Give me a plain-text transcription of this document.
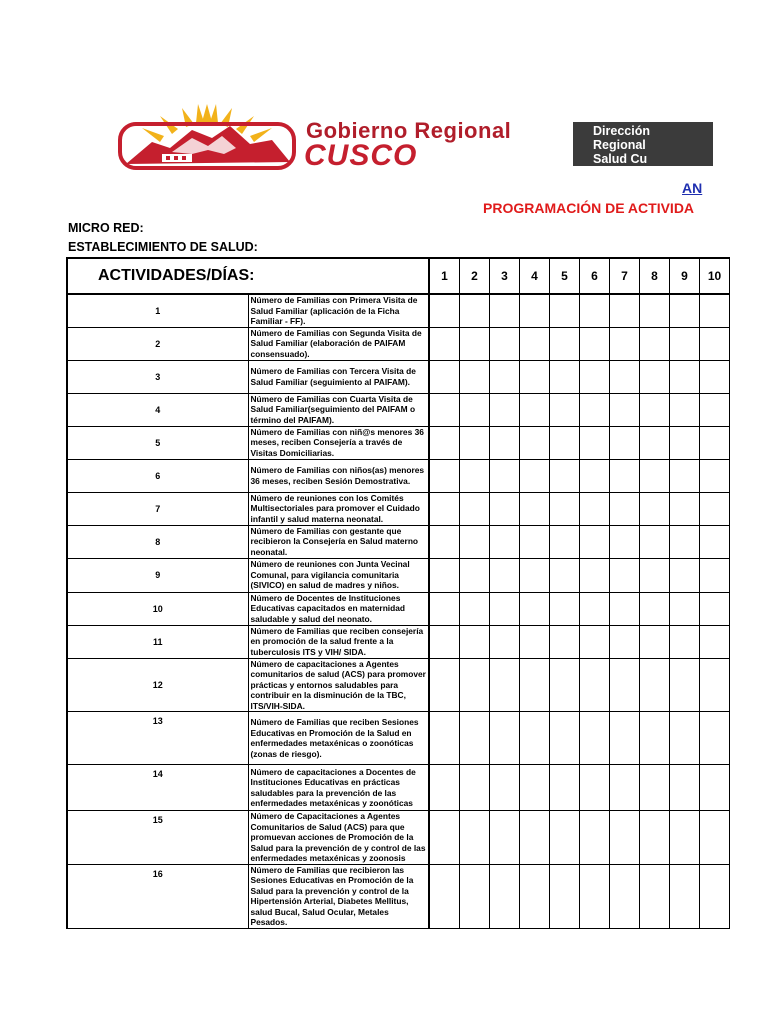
Gobierno Regional
CUSCO
Dirección
Regional
Salud Cu
AN
PROGRAMACIÓN DE ACTIVIDA
MICRO RED:
ESTABLECIMIENTO DE SALUD:
ACTIVIDADES/DÍAS:		1	2	3	4	5	6	7	8	9	10
1	Número de Familias con Primera Visita de Salud Familiar (aplicación de la Ficha Familiar - FF).										
2	Número de Familias con Segunda Visita de Salud Familiar (elaboración de PAIFAM consensuado).										
3	Número de Familias con Tercera Visita de Salud Familiar (seguimiento al PAIFAM).										
4	Número de Familias con Cuarta Visita de Salud Familiar(seguimiento del PAIFAM o término del PAIFAM).										
5	Número de Familias con niñ@s menores 36 meses, reciben Consejería a través de Visitas Domiciliarias.										
6	Número de Familias con niños(as) menores 36 meses, reciben Sesión Demostrativa.										
7	Número de reuniones con los Comités Multisectoriales para promover el Cuidado infantil y salud materna neonatal.										
8	Número de Familias con gestante que recibieron la Consejería en Salud materno neonatal.										
9	Número de reuniones con Junta Vecinal Comunal, para vigilancia comunitaria (SIVICO) en salud de madres y niños.										
10	Número de Docentes de Instituciones Educativas capacitados en maternidad saludable y salud del neonato.										
11	Número de Familias que reciben consejería en promoción de la salud frente a la tuberculosis ITS y VIH/ SIDA.										
12	Número de capacitaciones a Agentes comunitarios de salud (ACS) para promover prácticas y entornos saludables para contribuir en la disminución de la TBC, ITS/VIH-SIDA.										
13	Número de Familias que reciben Sesiones Educativas en Promoción de la Salud en enfermedades metaxénicas o zoonóticas (zonas de riesgo).										
14	Número de capacitaciones a Docentes de Instituciones Educativas en prácticas saludables para la prevención de las enfermedades metaxénicas y zoonóticas										
15	Número de Capacitaciones a Agentes Comunitarios de Salud (ACS) para que promuevan acciones de Promoción de la Salud para la prevención de y control de las enfermedades metaxénicas y zoonosis										
16	Número de Familias que recibieron las Sesiones Educativas en Promoción de la Salud para la prevención y control de la Hipertensión Arterial, Diabetes Mellitus, salud Bucal, Salud Ocular, Metales Pesados.										
